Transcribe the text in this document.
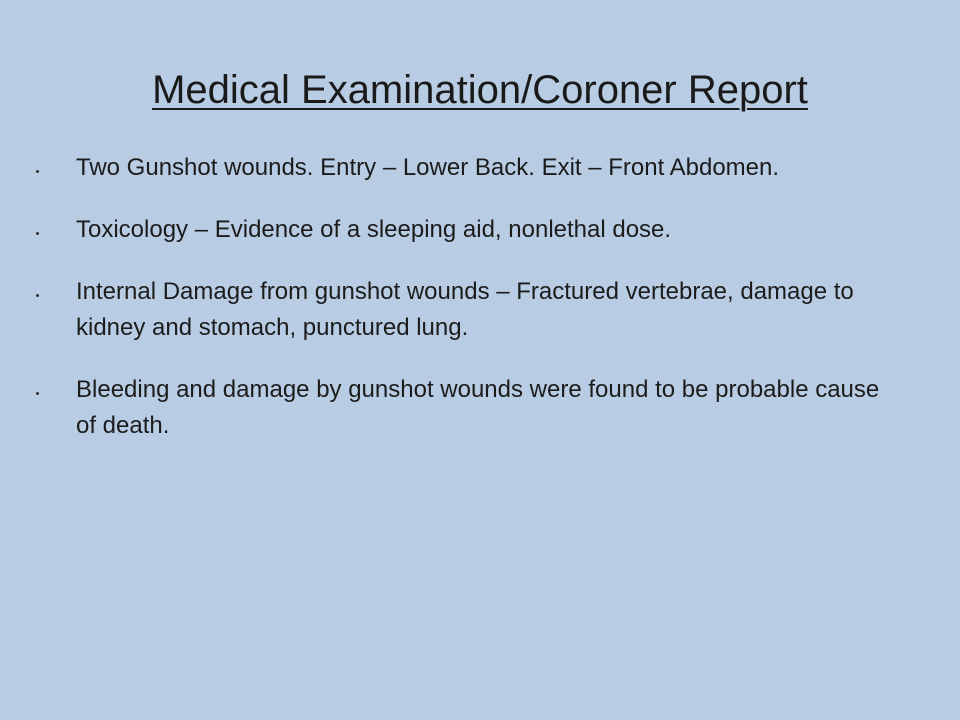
Medical Examination/Coroner Report
Two Gunshot wounds. Entry – Lower Back. Exit – Front Abdomen.
Toxicology – Evidence of a sleeping aid, nonlethal dose.
Internal Damage from gunshot wounds – Fractured vertebrae, damage to kidney and stomach, punctured lung.
Bleeding and damage by gunshot wounds were found to be probable cause of death.
